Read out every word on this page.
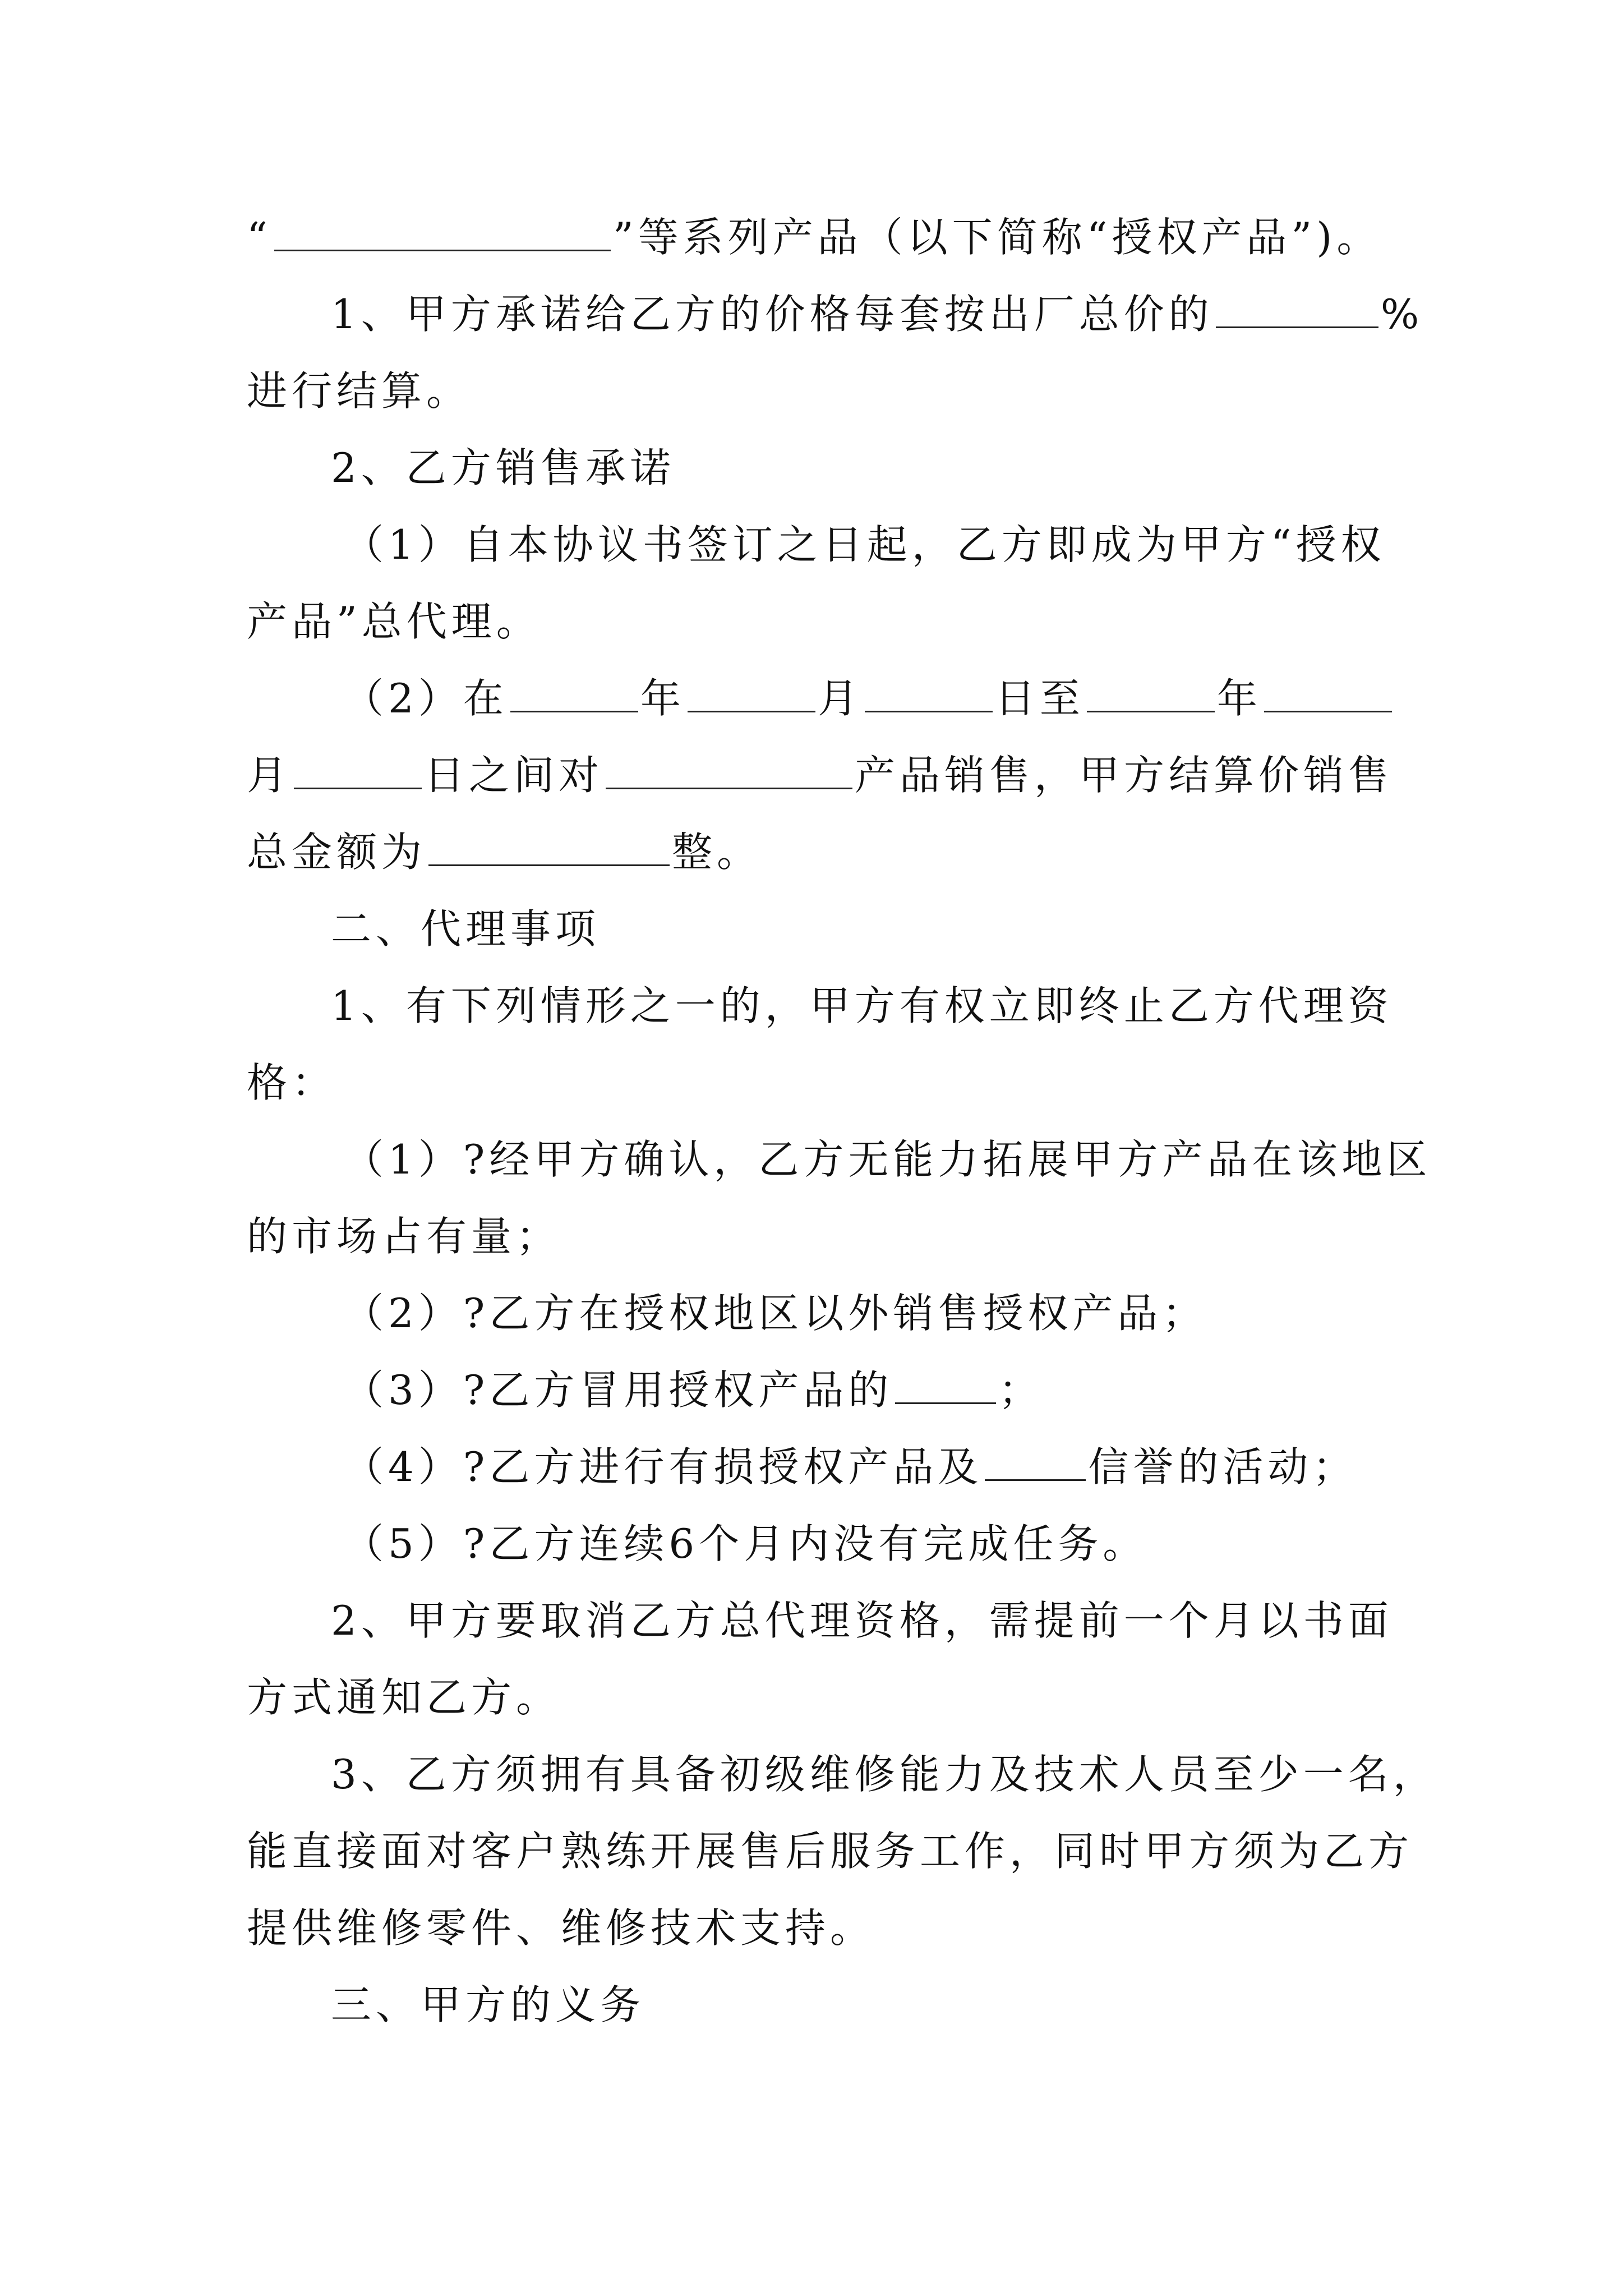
“	”等系列产品（以下简称“授权产品”)。
1、甲方承诺给乙方的价格每套按出厂总价的	%
进行结算。
2、乙方销售承诺
（1）自本协议书签订之日起，乙方即成为甲方“授权
产品”总代理。
（2）在	年	月	日至	年
月	日之间对	产品销售，甲方结算价销售
总金额为	整。
二、代理事项
1、有下列情形之一的，甲方有权立即终止乙方代理资
格：
（1）?经甲方确认，乙方无能力拓展甲方产品在该地区
的市场占有量；
（2）?乙方在授权地区以外销售授权产品；
（3）?乙方冒用授权产品的	；
（4）?乙方进行有损授权产品及	信誉的活动；
（5）?乙方连续6个月内没有完成任务。
2、甲方要取消乙方总代理资格，需提前一个月以书面
方式通知乙方。
3、乙方须拥有具备初级维修能力及技术人员至少一名，
能直接面对客户熟练开展售后服务工作，同时甲方须为乙方
提供维修零件、维修技术支持。
三、甲方的义务
